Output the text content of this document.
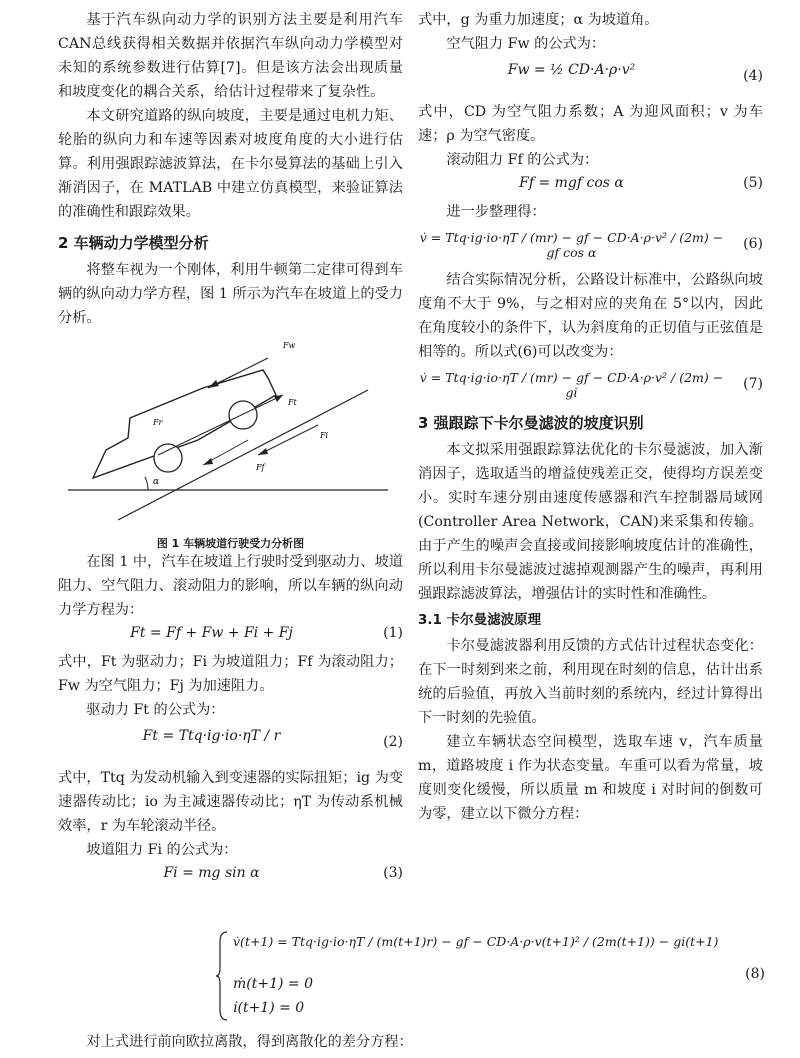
基于汽车纵向动力学的识别方法主要是利用汽车CAN总线获得相关数据并依据汽车纵向动力学模型对未知的系统参数进行估算[7]。但是该方法会出现质量和坡度变化的耦合关系，给估计过程带来了复杂性。

本文研究道路的纵向坡度，主要是通过电机力矩、轮胎的纵向力和车速等因素对坡度角度的大小进行估算。利用强跟踪滤波算法，在卡尔曼算法的基础上引入渐消因子，在 MATLAB 中建立仿真模型，来验证算法的准确性和跟踪效果。

2 车辆动力学模型分析

将整车视为一个刚体，利用牛顿第二定律可得到车辆的纵向动力学方程，图 1 所示为汽车在坡道上的受力分析。

Fw
Fr
Ft
Ff
Fi
α
图 1 车辆坡道行驶受力分析图

在图 1 中，汽车在坡道上行驶时受到驱动力、坡道阻力、空气阻力、滚动阻力的影响，所以车辆的纵向动力学方程为：

Ft = Ff + Fw + Fi + Fj	(1)

式中，Ft 为驱动力；Fi 为坡道阻力；Ff 为滚动阻力；Fw 为空气阻力；Fj 为加速阻力。

驱动力 Ft 的公式为：

Ft = Ttq·ig·io·ηT / r	(2)

式中，Ttq 为发动机输入到变速器的实际扭矩；ig 为变速器传动比；io 为主减速器传动比；ηT 为传动系机械效率，r 为车轮滚动半径。

坡道阻力 Fi 的公式为：

Fi = mg sin α	(3)

式中，g 为重力加速度；α 为坡道角。

空气阻力 Fw 的公式为：

Fw = ½ CD·A·ρ·v²	(4)

式中，CD 为空气阻力系数；A 为迎风面积；v 为车速；ρ 为空气密度。

滚动阻力 Ff 的公式为：

Ff = mgf cos α	(5)

进一步整理得：

v̇ = Ttq·ig·io·ηT / (mr) − gf − CD·A·ρ·v² / (2m) − gf cos α
(6)

结合实际情况分析，公路设计标准中，公路纵向坡度角不大于 9%，与之相对应的夹角在 5°以内，因此在角度较小的条件下，认为斜度角的正切值与正弦值是相等的。所以式(6)可以改变为：

v̇ = Ttq·ig·io·ηT / (mr) − gf − CD·A·ρ·v² / (2m) − gi
(7)
3 强跟踪下卡尔曼滤波的坡度识别

本文拟采用强跟踪算法优化的卡尔曼滤波，加入渐消因子，选取适当的增益使残差正交，使得均方误差变小。实时车速分别由速度传感器和汽车控制器局域网(Controller Area Network，CAN)来采集和传输。由于产生的噪声会直接或间接影响坡度估计的准确性，所以利用卡尔曼滤波过滤掉观测器产生的噪声，再利用强跟踪滤波算法，增强估计的实时性和准确性。

3.1 卡尔曼滤波原理

卡尔曼滤波器利用反馈的方式估计过程状态变化：在下一时刻到来之前，利用现在时刻的信息，估计出系统的后验值，再放入当前时刻的系统内，经过计算得出下一时刻的先验值。

建立车辆状态空间模型，选取车速 v，汽车质量 m，道路坡度 i 作为状态变量。车重可以看为常量，坡度则变化缓慢，所以质量 m 和坡度 i 对时间的倒数可为零，建立以下微分方程：

v̇(t+1) = Ttq·ig·io·ηT / (m(t+1)r) − gf − CD·A·ρ·v(t+1)² / (2m(t+1)) − gi(t+1)
ṁ(t+1) = 0
i̇(t+1) = 0
(8)

对上式进行前向欧拉离散，得到离散化的差分方程：
